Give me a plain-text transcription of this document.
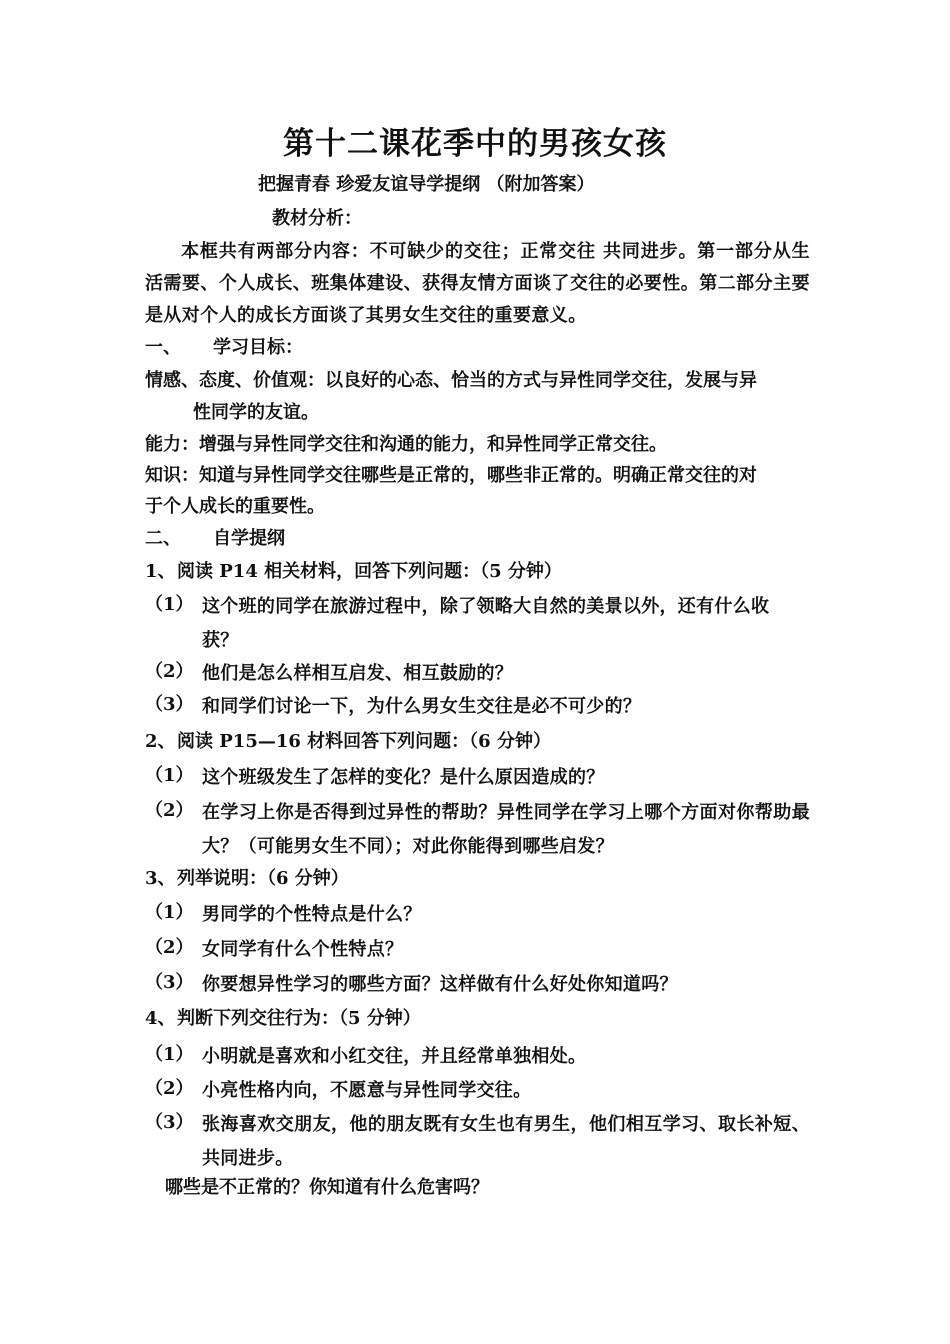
第十二课花季中的男孩女孩
把握青春 珍爱友谊导学提纲 （附加答案）
教材分析：
本框共有两部分内容：不可缺少的交往；正常交往 共同进步。第一部分从生活需要、个人成长、班集体建设、获得友情方面谈了交往的必要性。第二部分主要是从对个人的成长方面谈了其男女生交往的重要意义。
一、 学习目标：
情感、态度、价值观：以良好的心态、恰当的方式与异性同学交往，发展与异
性同学的友谊。
能力：增强与异性同学交往和沟通的能力，和异性同学正常交往。
知识：知道与异性同学交往哪些是正常的，哪些非正常的。明确正常交往的对
于个人成长的重要性。
二、 自学提纲
1、阅读 P14 相关材料，回答下列问题：（5 分钟）
（1） 这个班的同学在旅游过程中，除了领略大自然的美景以外，还有什么收
获？
（2） 他们是怎么样相互启发、相互鼓励的？
（3） 和同学们讨论一下，为什么男女生交往是必不可少的？
2、阅读 P15—16 材料回答下列问题：（6 分钟）
（1） 这个班级发生了怎样的变化？是什么原因造成的？
（2） 在学习上你是否得到过异性的帮助？异性同学在学习上哪个方面对你帮助最大？（可能男女生不同）；对此你能得到哪些启发？
3、列举说明：（6 分钟）
（1） 男同学的个性特点是什么？
（2） 女同学有什么个性特点？
（3） 你要想异性学习的哪些方面？这样做有什么好处你知道吗？
4、判断下列交往行为：（5 分钟）
（1） 小明就是喜欢和小红交往，并且经常单独相处。
（2） 小亮性格内向，不愿意与异性同学交往。
（3） 张海喜欢交朋友，他的朋友既有女生也有男生，他们相互学习、取长补短、共同进步。
哪些是不正常的？你知道有什么危害吗？
